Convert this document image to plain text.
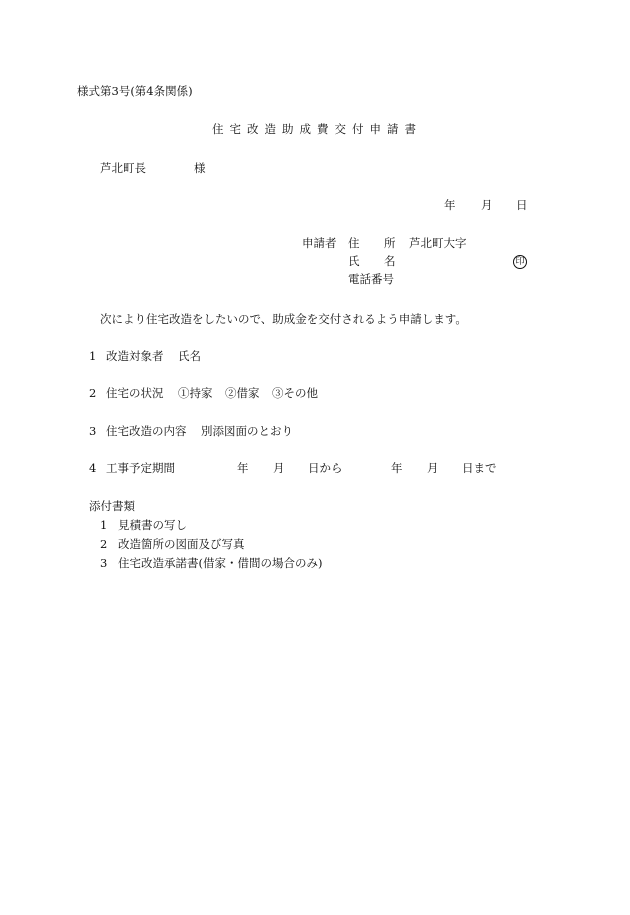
様式第3号(第4条関係)
住宅改造助成費交付申請書
芦北町長	様
年 月 日
申請者 住 所 芦北町大字
氏 名	印
電話番号
次により住宅改造をしたいので、助成金を交付されるよう申請します。
1 改造対象者 氏名
2 住宅の状況 ①持家 ②借家 ③その他
3 住宅改造の内容 別添図面のとおり
4 工事予定期間	年 月 日から	年 月 日まで
添付書類
1 見積書の写し
2 改造箇所の図面及び写真
3 住宅改造承諾書(借家・借間の場合のみ)
